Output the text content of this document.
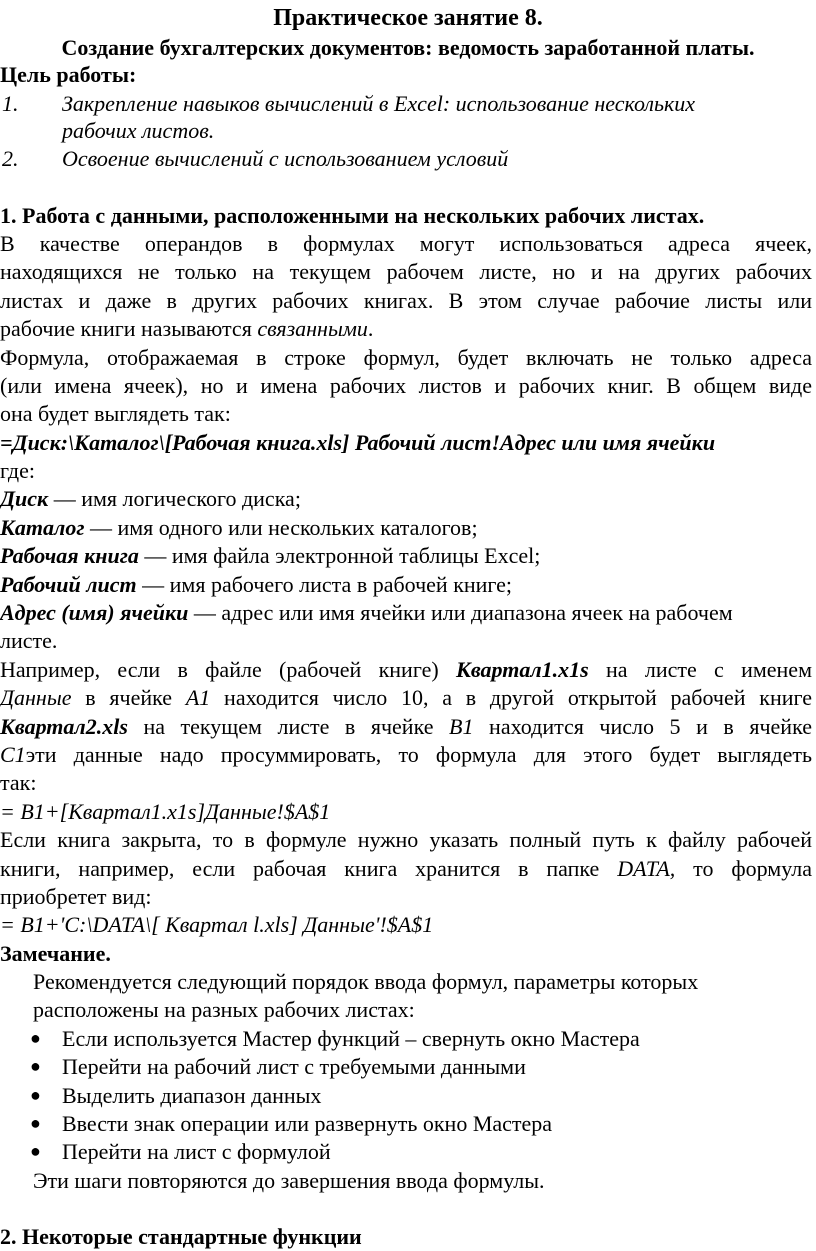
Практическое занятие 8.
Создание бухгалтерских документов: ведомость заработанной платы.
Цель работы:
1. Закрепление навыков вычислений в Excel: использование нескольких
рабочих листов.
2. Освоение вычислений с использованием условий
1. Работа с данными, расположенными на нескольких рабочих листах.
В качестве операндов в формулах могут использоваться адреса ячеек,
находящихся не только на текущем рабочем листе, но и на других рабочих
листах и даже в других рабочих книгах. В этом случае рабочие листы или
рабочие книги называются связанными.
Формула, отображаемая в строке формул, будет включать не только адреса
(или имена ячеек), но и имена рабочих листов и рабочих книг. В общем виде
она будет выглядеть так:
=Диск:\Каталог\[Рабочая книга.xls] Рабочий лист!Адрес или имя ячейки
где:
Диск — имя логического диска;
Каталог — имя одного или нескольких каталогов;
Рабочая книга — имя файла электронной таблицы Excel;
Рабочий лист — имя рабочего листа в рабочей книге;
Адрес (имя) ячейки — адрес или имя ячейки или диапазона ячеек на рабочем
листе.
Например, если в файле (рабочей книге) Квартал1.x1s на листе с именем
Данные в ячейке A1 находится число 10, а в другой открытой рабочей книге
Квартал2.xls на текущем листе в ячейке B1 находится число 5 и в ячейке
C1эти данные надо просуммировать, то формула для этого будет выглядеть
так:
= B1+[Квартал1.x1s]Данные!$A$1
Если книга закрыта, то в формуле нужно указать полный путь к файлу рабочей
книги, например, если рабочая книга хранится в папке DATA, то формула
приобретет вид:
= B1+'C:\DATA\[ Квартал l.xls] Данные'!$A$1
Замечание.
Рекомендуется следующий порядок ввода формул, параметры которых
расположены на разных рабочих листах:
● Если используется Мастер функций – свернуть окно Мастера
● Перейти на рабочий лист с требуемыми данными
● Выделить диапазон данных
● Ввести знак операции или развернуть окно Мастера
● Перейти на лист с формулой
Эти шаги повторяются до завершения ввода формулы.
2. Некоторые стандартные функции
